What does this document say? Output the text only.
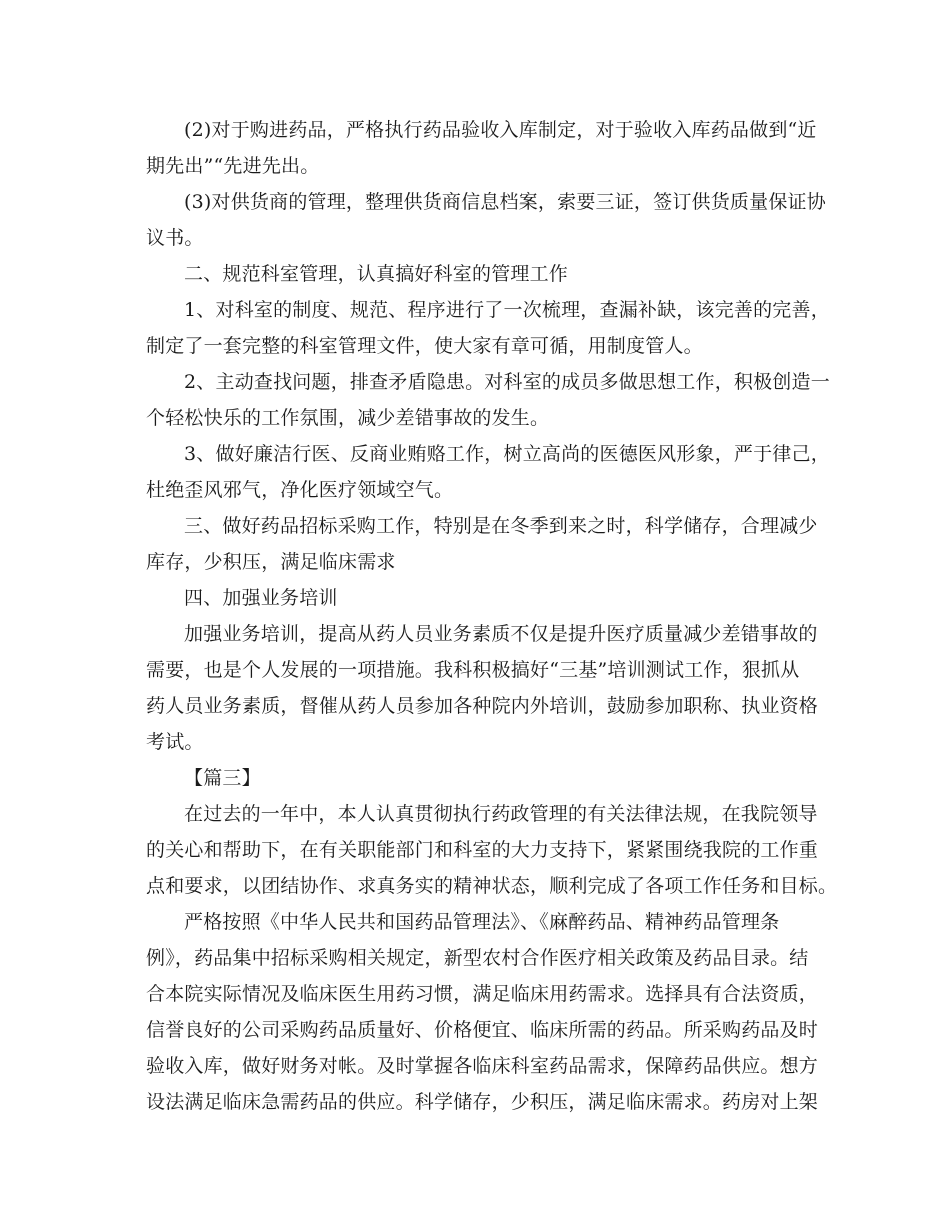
(2)对于购进药品，严格执行药品验收入库制定，对于验收入库药品做到“近
期先出”“先进先出。
(3)对供货商的管理，整理供货商信息档案，索要三证，签订供货质量保证协
议书。
二、规范科室管理，认真搞好科室的管理工作
1、对科室的制度、规范、程序进行了一次梳理，查漏补缺，该完善的完善，
制定了一套完整的科室管理文件，使大家有章可循，用制度管人。
2、主动查找问题，排查矛盾隐患。对科室的成员多做思想工作，积极创造一
个轻松快乐的工作氛围，减少差错事故的发生。
3、做好廉洁行医、反商业贿赂工作，树立高尚的医德医风形象，严于律己，
杜绝歪风邪气，净化医疗领域空气。
三、做好药品招标采购工作，特别是在冬季到来之时，科学储存，合理减少
库存，少积压，满足临床需求
四、加强业务培训
加强业务培训，提高从药人员业务素质不仅是提升医疗质量减少差错事故的
需要，也是个人发展的一项措施。我科积极搞好“三基”培训测试工作，狠抓从
药人员业务素质，督催从药人员参加各种院内外培训，鼓励参加职称、执业资格
考试。
【篇三】
在过去的一年中，本人认真贯彻执行药政管理的有关法律法规，在我院领导
的关心和帮助下，在有关职能部门和科室的大力支持下，紧紧围绕我院的工作重
点和要求，以团结协作、求真务实的精神状态，顺利完成了各项工作任务和目标。
严格按照《中华人民共和国药品管理法》、《麻醉药品、精神药品管理条
例》，药品集中招标采购相关规定，新型农村合作医疗相关政策及药品目录。结
合本院实际情况及临床医生用药习惯，满足临床用药需求。选择具有合法资质，
信誉良好的公司采购药品质量好、价格便宜、临床所需的药品。所采购药品及时
验收入库，做好财务对帐。及时掌握各临床科室药品需求，保障药品供应。想方
设法满足临床急需药品的供应。科学储存，少积压，满足临床需求。药房对上架
